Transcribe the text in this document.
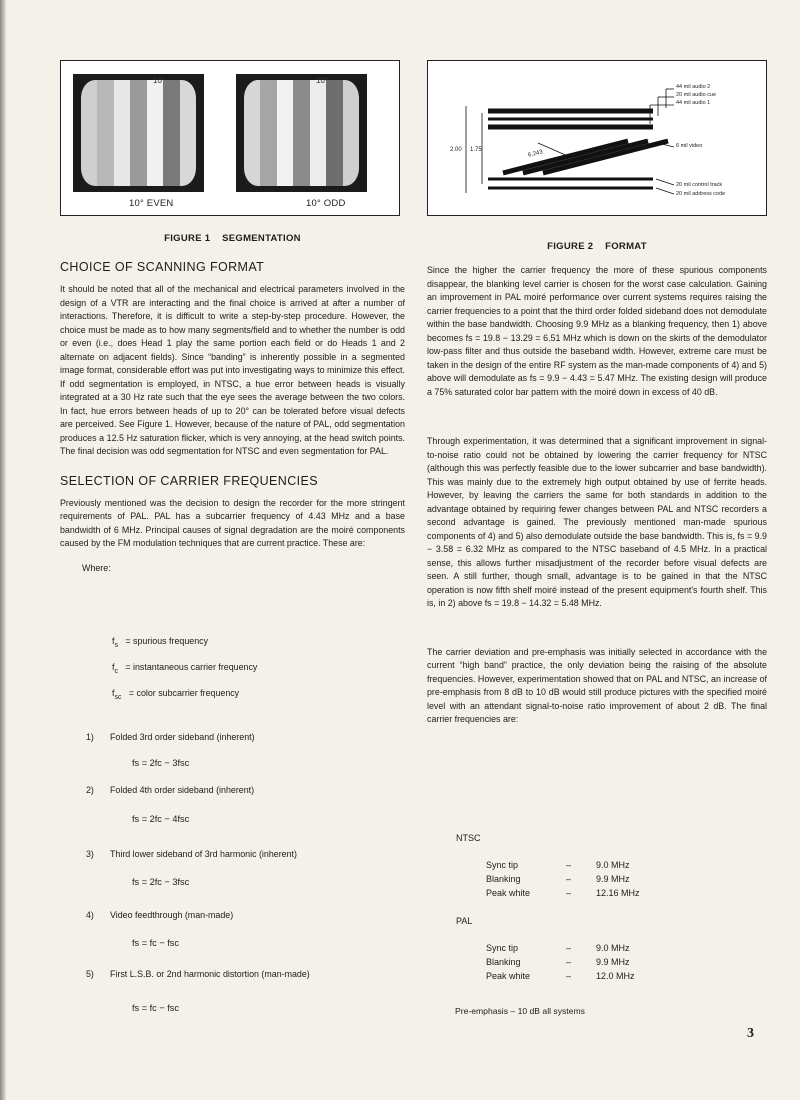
10°	10°
10° EVEN	10° ODD
FIGURE 1    SEGMENTATION
CHOICE OF SCANNING FORMAT

It should be noted that all of the mechanical and electrical parameters involved in the design of a VTR are interacting and the final choice is arrived at after a number of interactions. Therefore, it is difficult to write a step-by-step procedure. However, the choice must be made as to how many segments/field and to whether the number is odd or even (i.e., does Head 1 play the same portion each field or do Heads 1 and 2 alternate on adjacent fields). Since “banding” is inherently possible in a segmented image format, considerable effort was put into investigating ways to minimize this effect. If odd segmentation is employed, in NTSC, a hue error between heads is visually integrated at a 30 Hz rate such that the eye sees the average between the two colors. In fact, hue errors between heads of up to 20° can be tolerated before visual defects are perceived. See Figure 1. However, because of the nature of PAL, odd segmentation produces a 12.5 Hz saturation flicker, which is very annoying, at the head switch points. The final decision was odd segmentation for NTSC and even segmentation for PAL.

SELECTION OF CARRIER FREQUENCIES

Previously mentioned was the decision to design the recorder for the more stringent requirements of PAL. PAL has a subcarrier frequency of 4.43 MHz and a base bandwidth of 6 MHz. Principal causes of signal degradation are the moiré components caused by the FM modulation techniques that are current practice. These are:

Where:

$f_s$ = spurious frequency
$f_c$ = instantaneous carrier frequency
$f_{sc}$ = color subcarrier frequency
1)	Folded 3rd order sideband (inherent)
fs = 2fc − 3fsc
2)	Folded 4th order sideband (inherent)
fs = 2fc − 4fsc
3)	Third lower sideband of 3rd harmonic (inherent)
fs = 2fc − 3fsc
4)	Video feedthrough (man-made)
fs = fc − fsc
5)	First L.S.B. or 2nd harmonic distortion (man-made)
fs = fc − fsc
44 mil audio 2
20 mil audio cue
44 mil audio 1
6 mil video
20 mil control track
20 mil address code
2.00 1.75	6.243
19.5°
FIGURE 2    FORMAT

Since the higher the carrier frequency the more of these spurious components disappear, the blanking level carrier is chosen for the worst case calculation. Gaining an improvement in PAL moiré performance over current systems requires raising the carrier frequencies to a point that the third order folded sideband does not demodulate within the base bandwidth. Choosing 9.9 MHz as a blanking frequency, then 1) above becomes fs = 19.8 − 13.29 = 6.51 MHz which is down on the skirts of the demodulator low-pass filter and thus outside the baseband width. However, extreme care must be taken in the design of the entire RF system as the man-made components of 4) and 5) above will demodulate as fs = 9.9 − 4.43 = 5.47 MHz. The existing design will produce a 75% saturated color bar pattern with the moiré down in excess of 40 dB.

Through experimentation, it was determined that a significant improvement in signal-to-noise ratio could not be obtained by lowering the carrier frequency for NTSC (although this was perfectly feasible due to the lower subcarrier and base bandwidth). This was mainly due to the extremely high output obtained by use of ferrite heads. However, by leaving the carriers the same for both standards in addition to the advantage obtained by requiring fewer changes between PAL and NTSC recorders a second advantage is gained. The previously mentioned man-made spurious components of 4) and 5) also demodulate outside the base bandwidth. This is, fs = 9.9 − 3.58 = 6.32 MHz as compared to the NTSC baseband of 4.5 MHz. In a practical sense, this allows further misadjustment of the recorder before visual defects are seen. A still further, though small, advantage is to be gained in that the NTSC operation is now fifth shelf moiré instead of the present equipment's fourth shelf. This is, in 2) above fs = 19.8 − 14.32 = 5.48 MHz.

The carrier deviation and pre-emphasis was initially selected in accordance with the current “high band” practice, the only deviation being the raising of the absolute frequencies. However, experimentation showed that on PAL and NTSC, an increase of pre-emphasis from 8 dB to 10 dB would still produce pictures with the specified moiré level with an attendant signal-to-noise ratio improvement of about 2 dB. The final carrier frequencies are:

NTSC
Sync tip	–	9.0 MHz
Blanking	–	9.9 MHz
Peak white	–	12.16 MHz
PAL
Sync tip	–	9.0 MHz
Blanking	–	9.9 MHz
Peak white	–	12.0 MHz
Pre-emphasis – 10 dB all systems
3
